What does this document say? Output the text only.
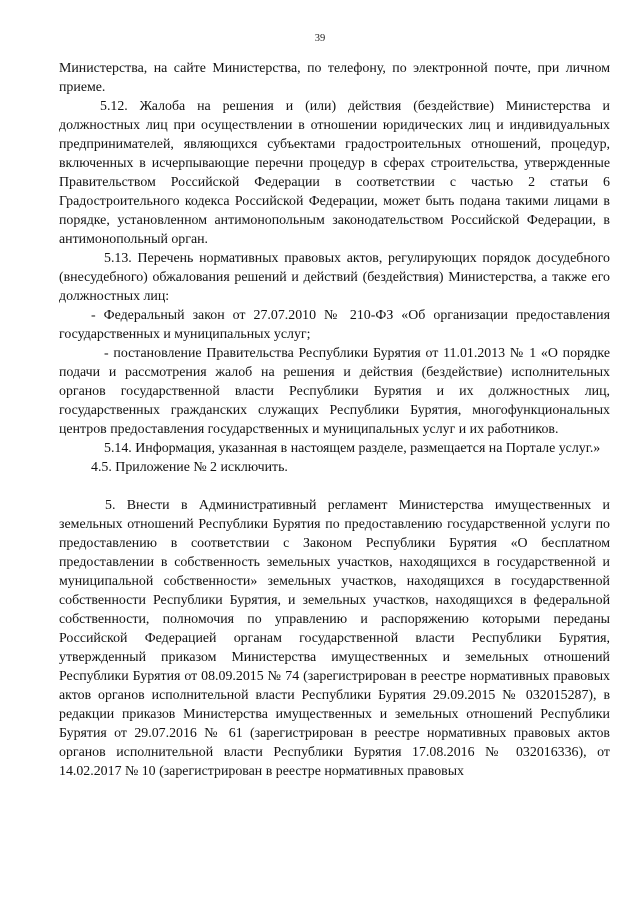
39

Министерства, на сайте Министерства, по телефону, по электронной почте, при личном приеме.

5.12. Жалоба на решения и (или) действия (бездействие) Министерства и должностных лиц при осуществлении в отношении юридических лиц и индивидуальных предпринимателей, являющихся субъектами градостроительных отношений, процедур, включенных в исчерпывающие перечни процедур в сферах строительства, утвержденные Правительством Российской Федерации в соответствии с частью 2 статьи 6 Градостроительного кодекса Российской Федерации, может быть подана такими лицами в порядке, установленном антимонопольным законодательством Российской Федерации, в антимонопольный орган.

5.13. Перечень нормативных правовых актов, регулирующих порядок досудебного (внесудебного) обжалования решений и действий (бездействия) Министерства, а также его должностных лиц:

- Федеральный закон от 27.07.2010 № 210-ФЗ «Об организации предоставления государственных и муниципальных услуг;

- постановление Правительства Республики Бурятия от 11.01.2013 № 1 «О порядке подачи и рассмотрения жалоб на решения и действия (бездействие) исполнительных органов государственной власти Республики Бурятия и их должностных лиц, государственных гражданских служащих Республики Бурятия, многофункциональных центров предоставления государственных и муниципальных услуг и их работников.

5.14. Информация, указанная в настоящем разделе, размещается на Портале услуг.»

4.5. Приложение № 2 исключить.

5. Внести в Административный регламент Министерства имущественных и земельных отношений Республики Бурятия по предоставлению государственной услуги по предоставлению в соответствии с Законом Республики Бурятия «О бесплатном предоставлении в собственность земельных участков, находящихся в государственной и муниципальной собственности» земельных участков, находящихся в государственной собственности Республики Бурятия, и земельных участков, находящихся в федеральной собственности, полномочия по управлению и распоряжению которыми переданы Российской Федерацией органам государственной власти Республики Бурятия, утвержденный приказом Министерства имущественных и земельных отношений Республики Бурятия от 08.09.2015 № 74 (зарегистрирован в реестре нормативных правовых актов органов исполнительной власти Республики Бурятия 29.09.2015 № 032015287), в редакции приказов Министерства имущественных и земельных отношений Республики Бурятия от 29.07.2016 № 61 (зарегистрирован в реестре нормативных правовых актов органов исполнительной власти Республики Бурятия 17.08.2016 № 032016336), от 14.02.2017 № 10 (зарегистрирован в реестре нормативных правовых
